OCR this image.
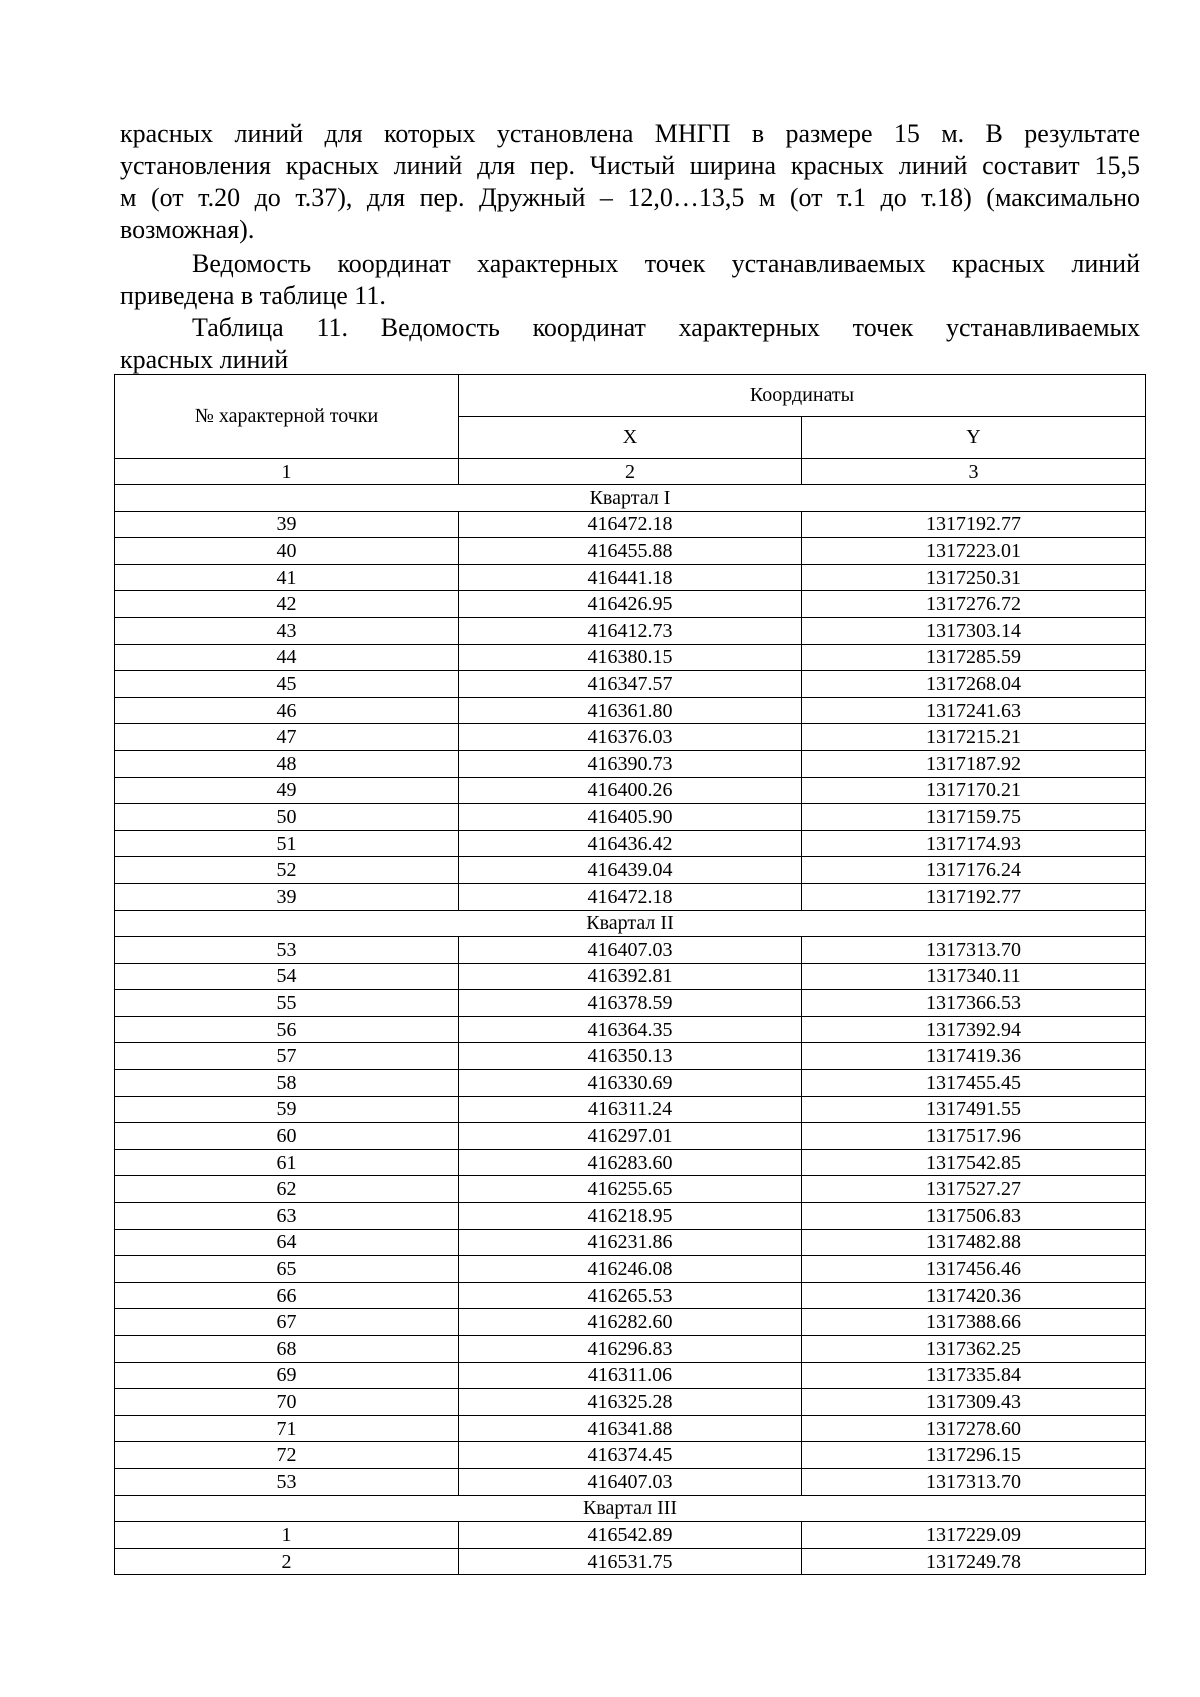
красных линий для которых установлена МНГП в размере 15 м. В результате
установления красных линий для пер. Чистый ширина красных линий составит 15,5
м (от т.20 до т.37), для пер. Дружный – 12,0…13,5 м (от т.1 до т.18) (максимально
возможная).
Ведомость координат характерных точек устанавливаемых красных линий
приведена в таблице 11.
Таблица 11. Ведомость координат характерных точек устанавливаемых
красных линий
№ характерной точки	Координаты	
	X	Y
1	2	3
Квартал I		
39	416472.18	1317192.77
40	416455.88	1317223.01
41	416441.18	1317250.31
42	416426.95	1317276.72
43	416412.73	1317303.14
44	416380.15	1317285.59
45	416347.57	1317268.04
46	416361.80	1317241.63
47	416376.03	1317215.21
48	416390.73	1317187.92
49	416400.26	1317170.21
50	416405.90	1317159.75
51	416436.42	1317174.93
52	416439.04	1317176.24
39	416472.18	1317192.77
Квартал II		
53	416407.03	1317313.70
54	416392.81	1317340.11
55	416378.59	1317366.53
56	416364.35	1317392.94
57	416350.13	1317419.36
58	416330.69	1317455.45
59	416311.24	1317491.55
60	416297.01	1317517.96
61	416283.60	1317542.85
62	416255.65	1317527.27
63	416218.95	1317506.83
64	416231.86	1317482.88
65	416246.08	1317456.46
66	416265.53	1317420.36
67	416282.60	1317388.66
68	416296.83	1317362.25
69	416311.06	1317335.84
70	416325.28	1317309.43
71	416341.88	1317278.60
72	416374.45	1317296.15
53	416407.03	1317313.70
Квартал III		
1	416542.89	1317229.09
2	416531.75	1317249.78
